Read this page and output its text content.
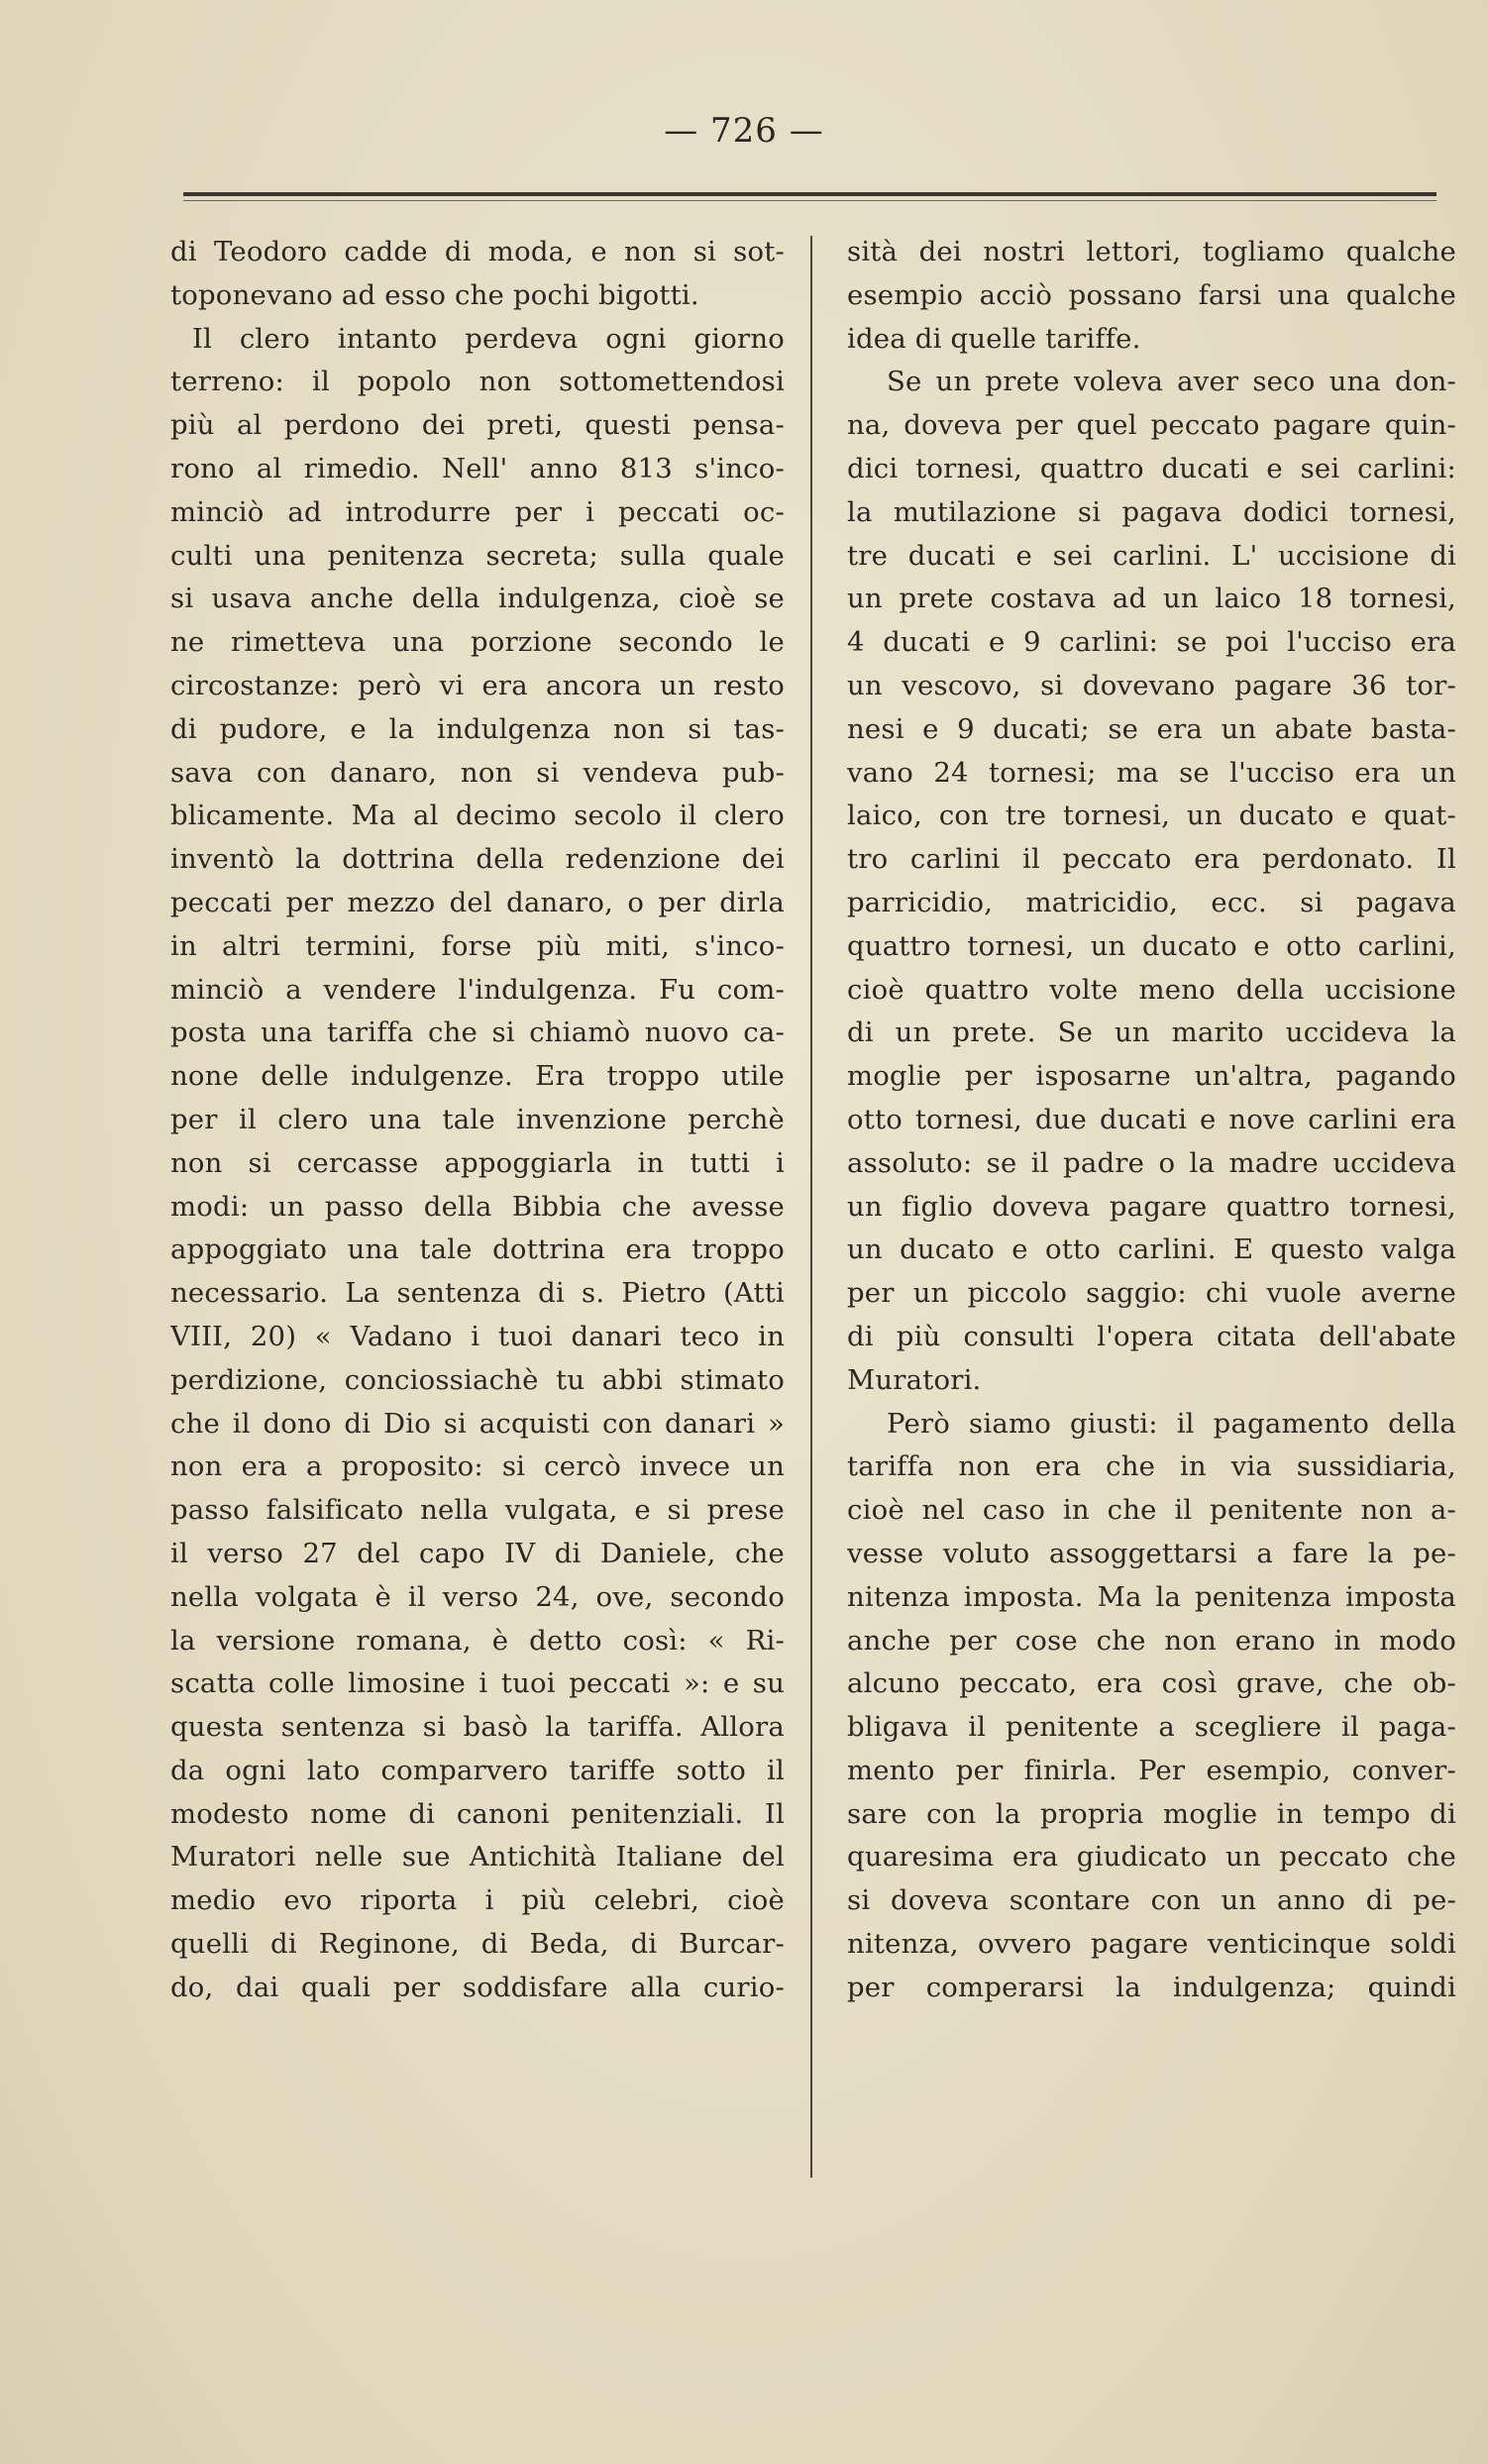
— 726 —
di Teodoro cadde di moda, e non si sot-
toponevano ad esso che pochi bigotti.
Il clero intanto perdeva ogni giorno
terreno: il popolo non sottomettendosi
più al perdono dei preti, questi pensa-
rono al rimedio. Nell' anno 813 s'inco-
minciò ad introdurre per i peccati oc-
culti una penitenza secreta; sulla quale
si usava anche della indulgenza, cioè se
ne rimetteva una porzione secondo le
circostanze: però vi era ancora un resto
di pudore, e la indulgenza non si tas-
sava con danaro, non si vendeva pub-
blicamente. Ma al decimo secolo il clero
inventò la dottrina della redenzione dei
peccati per mezzo del danaro, o per dirla
in altri termini, forse più miti, s'inco-
minciò a vendere l'indulgenza. Fu com-
posta una tariffa che si chiamò nuovo ca-
none delle indulgenze. Era troppo utile
per il clero una tale invenzione perchè
non si cercasse appoggiarla in tutti i
modi: un passo della Bibbia che avesse
appoggiato una tale dottrina era troppo
necessario. La sentenza di s. Pietro (Atti
VIII, 20) « Vadano i tuoi danari teco in
perdizione, conciossiachè tu abbi stimato
che il dono di Dio si acquisti con danari »
non era a proposito: si cercò invece un
passo falsificato nella vulgata, e si prese
il verso 27 del capo IV di Daniele, che
nella volgata è il verso 24, ove, secondo
la versione romana, è detto così: « Ri-
scatta colle limosine i tuoi peccati »: e su
questa sentenza si basò la tariffa. Allora
da ogni lato comparvero tariffe sotto il
modesto nome di canoni penitenziali. Il
Muratori nelle sue Antichità Italiane del
medio evo riporta i più celebri, cioè
quelli di Reginone, di Beda, di Burcar-
do, dai quali per soddisfare alla curio-
sità dei nostri lettori, togliamo qualche
esempio acciò possano farsi una qualche
idea di quelle tariffe.
Se un prete voleva aver seco una don-
na, doveva per quel peccato pagare quin-
dici tornesi, quattro ducati e sei carlini:
la mutilazione si pagava dodici tornesi,
tre ducati e sei carlini. L' uccisione di
un prete costava ad un laico 18 tornesi,
4 ducati e 9 carlini: se poi l'ucciso era
un vescovo, si dovevano pagare 36 tor-
nesi e 9 ducati; se era un abate basta-
vano 24 tornesi; ma se l'ucciso era un
laico, con tre tornesi, un ducato e quat-
tro carlini il peccato era perdonato. Il
parricidio, matricidio, ecc. si pagava
quattro tornesi, un ducato e otto carlini,
cioè quattro volte meno della uccisione
di un prete. Se un marito uccideva la
moglie per isposarne un'altra, pagando
otto tornesi, due ducati e nove carlini era
assoluto: se il padre o la madre uccideva
un figlio doveva pagare quattro tornesi,
un ducato e otto carlini. E questo valga
per un piccolo saggio: chi vuole averne
di più consulti l'opera citata dell'abate
Muratori.
Però siamo giusti: il pagamento della
tariffa non era che in via sussidiaria,
cioè nel caso in che il penitente non a-
vesse voluto assoggettarsi a fare la pe-
nitenza imposta. Ma la penitenza imposta
anche per cose che non erano in modo
alcuno peccato, era così grave, che ob-
bligava il penitente a scegliere il paga-
mento per finirla. Per esempio, conver-
sare con la propria moglie in tempo di
quaresima era giudicato un peccato che
si doveva scontare con un anno di pe-
nitenza, ovvero pagare venticinque soldi
per comperarsi la indulgenza; quindi
